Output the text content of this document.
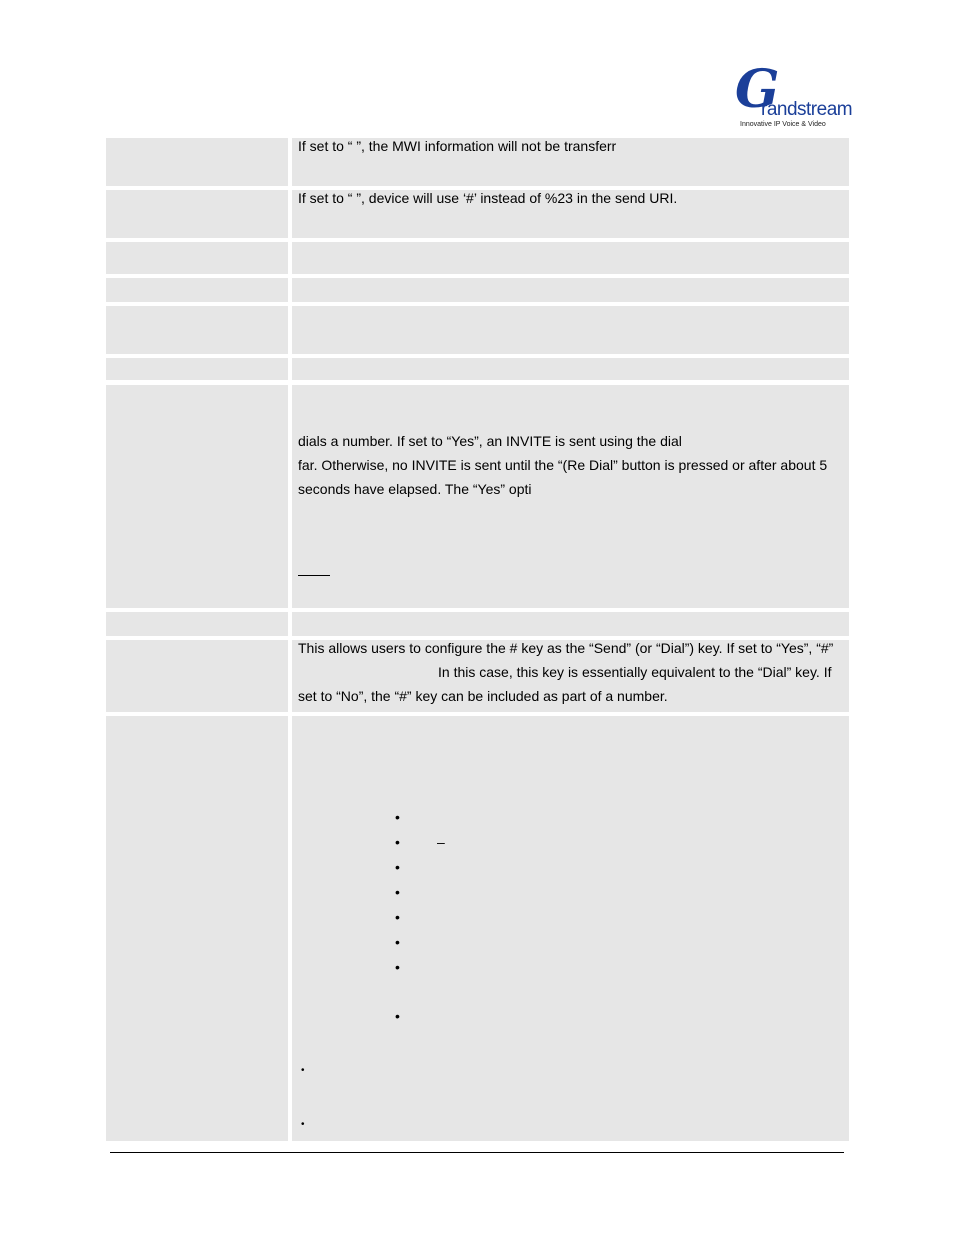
G
randstream
Innovative IP Voice & Video
If set to “ ”, the MWI information will not be transferr
If set to “ ”, device will use ‘#’ instead of %23 in the send URI.
dials a number. If set to “Yes”, an INVITE is sent using the dial
far. Otherwise, no INVITE is sent until the “(Re Dial” button is pressed or after about 5
seconds have elapsed. The “Yes” opti
This allows users to configure the # key as the “Send” (or “Dial”) key. If set to “Yes”, “#”
In this case, this key is essentially equivalent to the “Dial” key. If
set to “No”, the “#” key can be included as part of a number.
•
•	–
•
•
•
•
•
•
•
•
